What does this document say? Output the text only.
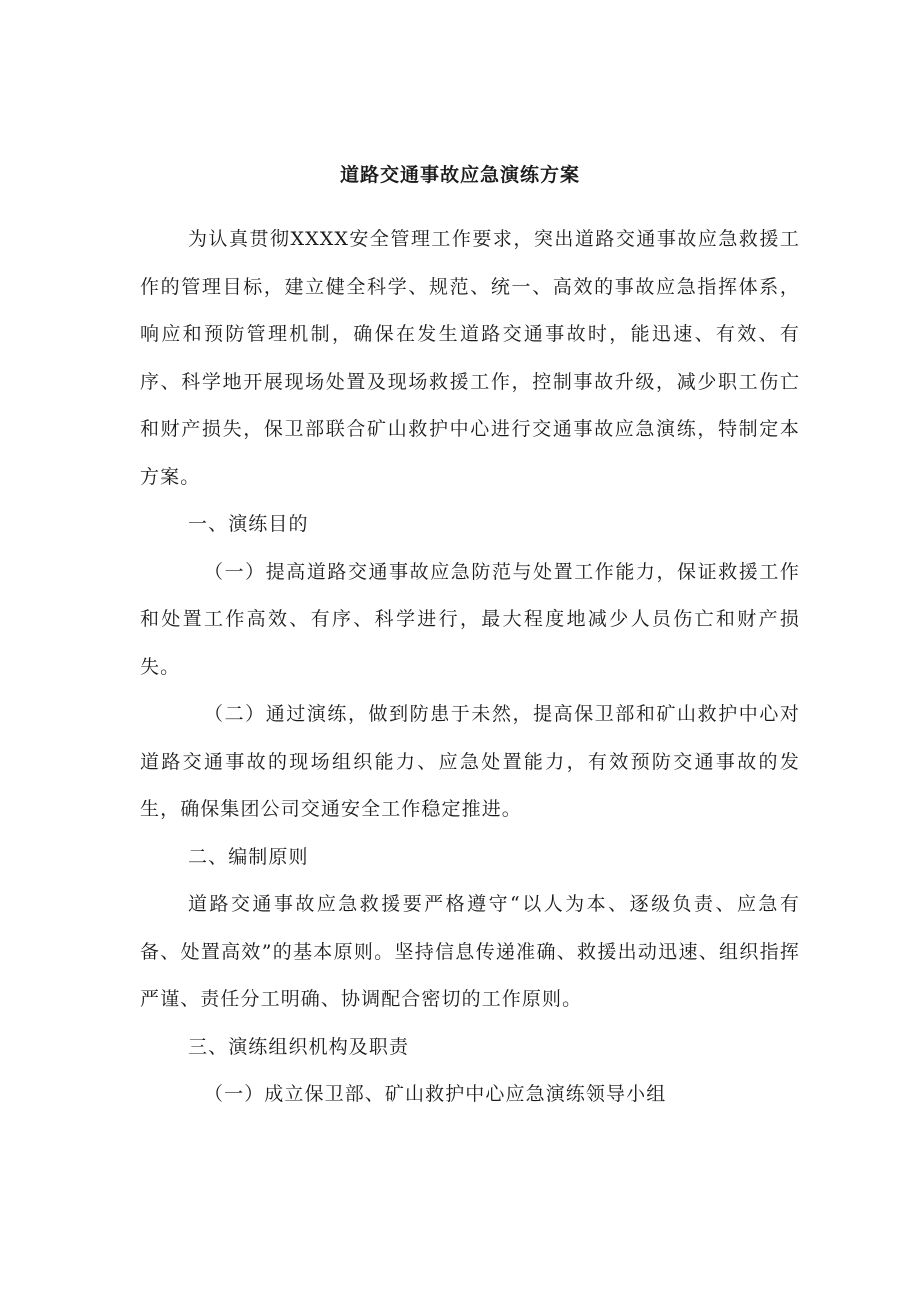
道路交通事故应急演练方案

为认真贯彻XXXX安全管理工作要求，突出道路交通事故应急救援工作的管理目标，建立健全科学、规范、统一、高效的事故应急指挥体系，响应和预防管理机制，确保在发生道路交通事故时，能迅速、有效、有序、科学地开展现场处置及现场救援工作，控制事故升级，减少职工伤亡和财产损失，保卫部联合矿山救护中心进行交通事故应急演练，特制定本方案。

一、演练目的

（一）提高道路交通事故应急防范与处置工作能力，保证救援工作和处置工作高效、有序、科学进行，最大程度地减少人员伤亡和财产损失。

（二）通过演练，做到防患于未然，提高保卫部和矿山救护中心对道路交通事故的现场组织能力、应急处置能力，有效预防交通事故的发生，确保集团公司交通安全工作稳定推进。

二、编制原则

道路交通事故应急救援要严格遵守“以人为本、逐级负责、应急有备、处置高效”的基本原则。坚持信息传递准确、救援出动迅速、组织指挥严谨、责任分工明确、协调配合密切的工作原则。

三、演练组织机构及职责

（一）成立保卫部、矿山救护中心应急演练领导小组
